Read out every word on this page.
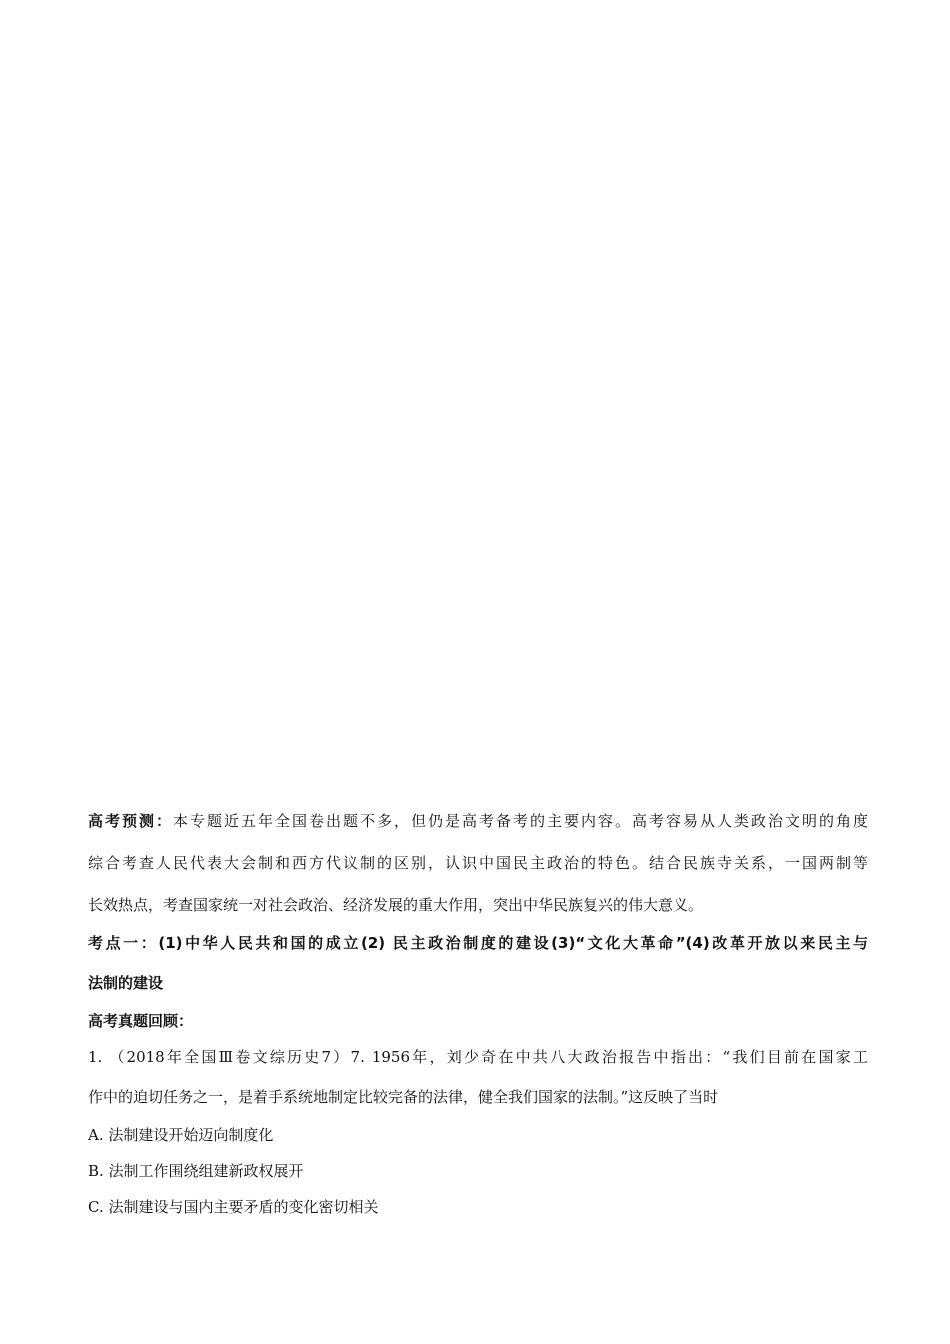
高考预测：本专题近五年全国卷出题不多，但仍是高考备考的主要内容。高考容易从人类政治文明的角度
综合考查人民代表大会制和西方代议制的区别，认识中国民主政治的特色。结合民族寺关系，一国两制等
长效热点，考查国家统一对社会政治、经济发展的重大作用，突出中华民族复兴的伟大意义。
考点一：(1)中华人民共和国的成立(2) 民主政治制度的建设(3)“文化大革命”(4)改革开放以来民主与
法制的建设
高考真题回顾：
1. （2018年全国Ⅲ卷文综历史7）7. 1956年，刘少奇在中共八大政治报告中指出：“我们目前在国家工
作中的迫切任务之一，是着手系统地制定比较完备的法律，健全我们国家的法制。”这反映了当时
A. 法制建设开始迈向制度化
B. 法制工作围绕组建新政权展开
C. 法制建设与国内主要矛盾的变化密切相关
